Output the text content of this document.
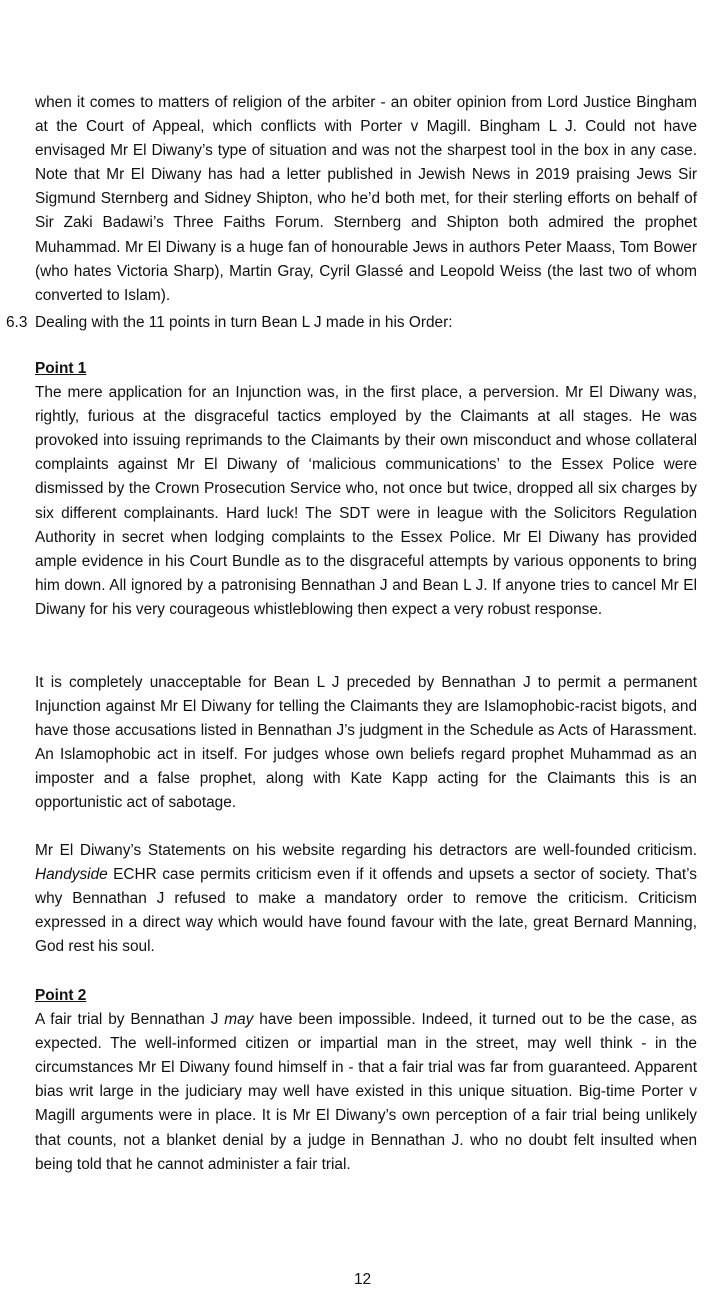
when it comes to matters of religion of the arbiter - an obiter opinion from Lord Justice Bingham at the Court of Appeal, which conflicts with Porter v Magill. Bingham L J. Could not have envisaged Mr El Diwany’s type of situation and was not the sharpest tool in the box in any case. Note that Mr El Diwany has had a letter published in Jewish News in 2019 praising Jews Sir Sigmund Sternberg and Sidney Shipton, who he’d both met, for their sterling efforts on behalf of Sir Zaki Badawi’s Three Faiths Forum. Sternberg and Shipton both admired the prophet Muhammad. Mr El Diwany is a huge fan of honourable Jews in authors Peter Maass, Tom Bower (who hates Victoria Sharp), Martin Gray, Cyril Glassé and Leopold Weiss (the last two of whom converted to Islam).

6.3 Dealing with the 11 points in turn Bean L J made in his Order:

Point 1

The mere application for an Injunction was, in the first place, a perversion. Mr El Diwany was, rightly, furious at the disgraceful tactics employed by the Claimants at all stages. He was provoked into issuing reprimands to the Claimants by their own misconduct and whose collateral complaints against Mr El Diwany of ‘malicious communications’ to the Essex Police were dismissed by the Crown Prosecution Service who, not once but twice, dropped all six charges by six different complainants. Hard luck! The SDT were in league with the Solicitors Regulation Authority in secret when lodging complaints to the Essex Police. Mr El Diwany has provided ample evidence in his Court Bundle as to the disgraceful attempts by various opponents to bring him down. All ignored by a patronising Bennathan J and Bean L J. If anyone tries to cancel Mr El Diwany for his very courageous whistleblowing then expect a very robust response.

It is completely unacceptable for Bean L J preceded by Bennathan J to permit a permanent Injunction against Mr El Diwany for telling the Claimants they are Islamophobic-racist bigots, and have those accusations listed in Bennathan J’s judgment in the Schedule as Acts of Harassment. An Islamophobic act in itself. For judges whose own beliefs regard prophet Muhammad as an imposter and a false prophet, along with Kate Kapp acting for the Claimants this is an opportunistic act of sabotage.

Mr El Diwany’s Statements on his website regarding his detractors are well-founded criticism. Handyside ECHR case permits criticism even if it offends and upsets a sector of society. That’s why Bennathan J refused to make a mandatory order to remove the criticism. Criticism expressed in a direct way which would have found favour with the late, great Bernard Manning, God rest his soul.

Point 2

A fair trial by Bennathan J may have been impossible. Indeed, it turned out to be the case, as expected. The well-informed citizen or impartial man in the street, may well think - in the circumstances Mr El Diwany found himself in - that a fair trial was far from guaranteed. Apparent bias writ large in the judiciary may well have existed in this unique situation. Big-time Porter v Magill arguments were in place. It is Mr El Diwany’s own perception of a fair trial being unlikely that counts, not a blanket denial by a judge in Bennathan J. who no doubt felt insulted when being told that he cannot administer a fair trial.

12
